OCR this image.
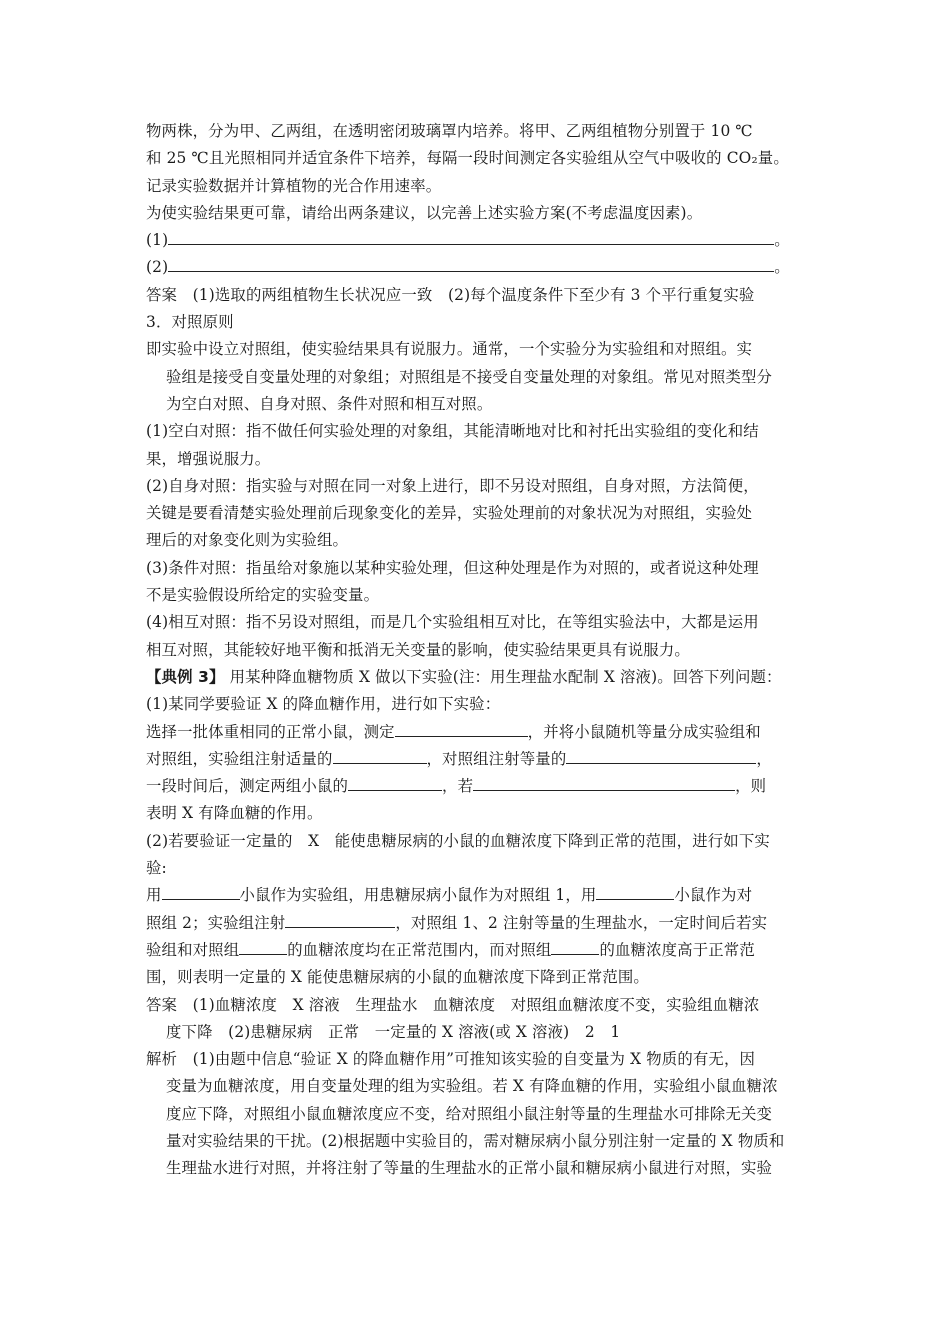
物两株，分为甲、乙两组，在透明密闭玻璃罩内培养。将甲、乙两组植物分别置于 10 ℃
和 25 ℃且光照相同并适宜条件下培养，每隔一段时间测定各实验组从空气中吸收的 CO₂量。
记录实验数据并计算植物的光合作用速率。
为使实验结果更可靠，请给出两条建议，以完善上述实验方案(不考虑温度因素)。
(1)	。
(2)	。
答案　(1)选取的两组植物生长状况应一致　(2)每个温度条件下至少有 3 个平行重复实验
3．对照原则
即实验中设立对照组，使实验结果具有说服力。通常，一个实验分为实验组和对照组。实
验组是接受自变量处理的对象组；对照组是不接受自变量处理的对象组。常见对照类型分
为空白对照、自身对照、条件对照和相互对照。
(1)空白对照：指不做任何实验处理的对象组，其能清晰地对比和衬托出实验组的变化和结
果，增强说服力。
(2)自身对照：指实验与对照在同一对象上进行，即不另设对照组，自身对照，方法简便，
关键是要看清楚实验处理前后现象变化的差异，实验处理前的对象状况为对照组，实验处
理后的对象变化则为实验组。
(3)条件对照：指虽给对象施以某种实验处理，但这种处理是作为对照的，或者说这种处理
不是实验假设所给定的实验变量。
(4)相互对照：指不另设对照组，而是几个实验组相互对比，在等组实验法中，大都是运用
相互对照，其能较好地平衡和抵消无关变量的影响，使实验结果更具有说服力。
【典例 3】 用某种降血糖物质 X 做以下实验(注：用生理盐水配制 X 溶液)。回答下列问题：
(1)某同学要验证 X 的降血糖作用，进行如下实验：
选择一批体重相同的正常小鼠，测定	，并将小鼠随机等量分成实验组和
对照组，实验组注射适量的	，对照组注射等量的	，
一段时间后，测定两组小鼠的	，若	，则
表明 X 有降血糖的作用。
(2)若要验证一定量的　X　能使患糖尿病的小鼠的血糖浓度下降到正常的范围，进行如下实
验:
用	小鼠作为实验组，用患糖尿病小鼠作为对照组 1，用	小鼠作为对
照组 2；实验组注射	，对照组 1、2 注射等量的生理盐水，一定时间后若实
验组和对照组	的血糖浓度均在正常范围内，而对照组	的血糖浓度高于正常范
围，则表明一定量的 X 能使患糖尿病的小鼠的血糖浓度下降到正常范围。
答案　(1)血糖浓度　X 溶液　生理盐水　血糖浓度　对照组血糖浓度不变，实验组血糖浓
度下降　(2)患糖尿病　正常　一定量的 X 溶液(或 X 溶液)　2　1
解析　(1)由题中信息“验证 X 的降血糖作用”可推知该实验的自变量为 X 物质的有无，因
变量为血糖浓度，用自变量处理的组为实验组。若 X 有降血糖的作用，实验组小鼠血糖浓
度应下降，对照组小鼠血糖浓度应不变，给对照组小鼠注射等量的生理盐水可排除无关变
量对实验结果的干扰。(2)根据题中实验目的，需对糖尿病小鼠分别注射一定量的 X 物质和
生理盐水进行对照，并将注射了等量的生理盐水的正常小鼠和糖尿病小鼠进行对照，实验
